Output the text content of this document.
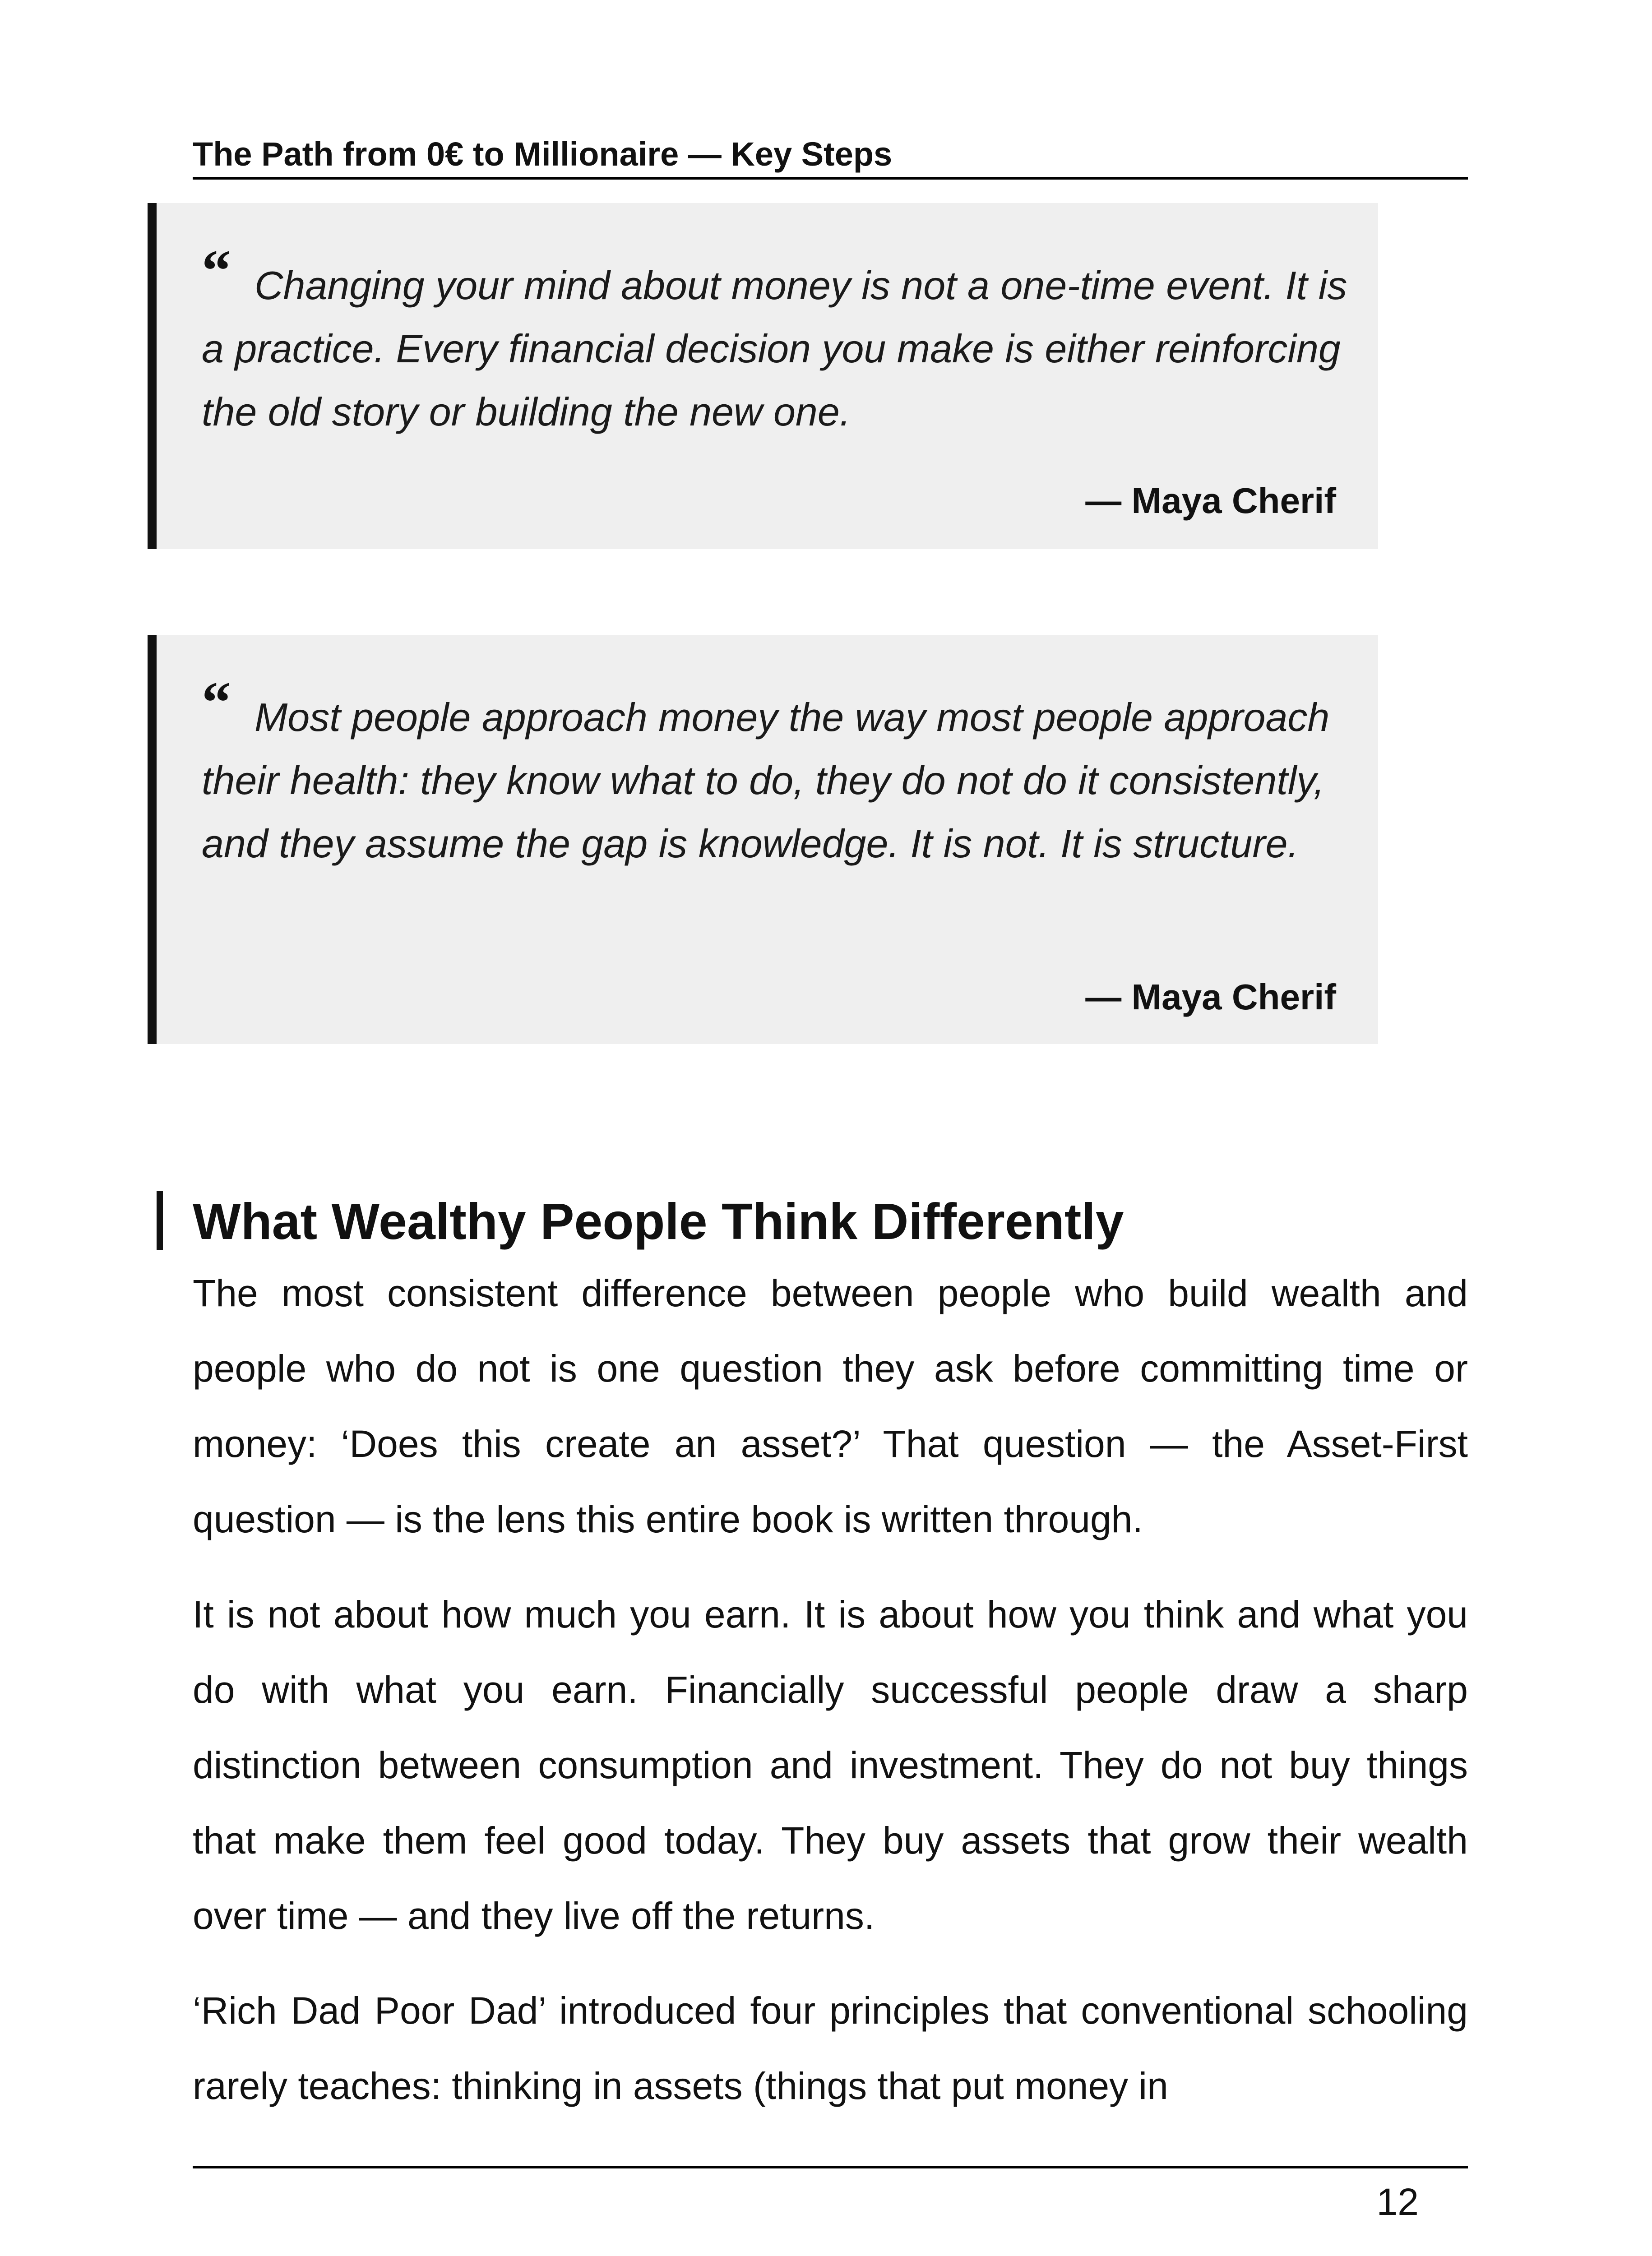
The Path from 0€ to Millionaire — Key Steps
“ Changing your mind about money is not a one-time event. It is a practice. Every financial decision you make is either reinforcing the old story or building the new one.
— Maya Cherif
“ Most people approach money the way most people approach their health: they know what to do, they do not do it consistently, and they assume the gap is knowledge. It is not. It is structure.
— Maya Cherif
What Wealthy People Think Differently

The most consistent difference between people who build wealth and people who do not is one question they ask before committing time or money: ‘Does this create an asset?’ That question — the Asset-First question — is the lens this entire book is written through.

It is not about how much you earn. It is about how you think and what you do with what you earn. Financially successful people draw a sharp distinction between consumption and investment. They do not buy things that make them feel good today. They buy assets that grow their wealth over time — and they live off the returns.

‘Rich Dad Poor Dad’ introduced four principles that conventional schooling rarely teaches: thinking in assets (things that put money in

12
